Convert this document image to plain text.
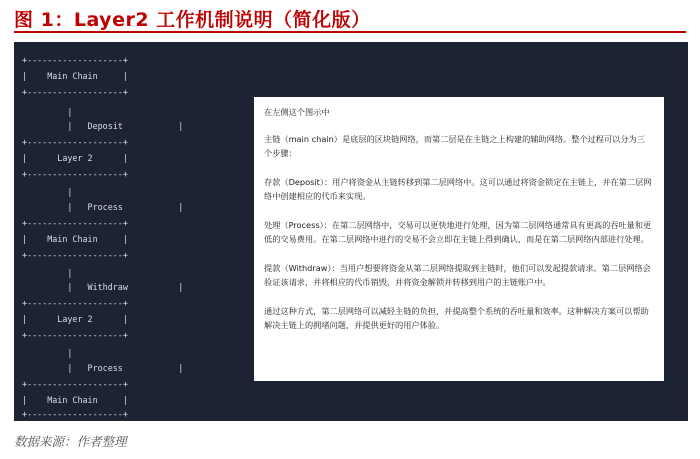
图 1：Layer2 工作机制说明（简化版）
+-------------------+
|    Main Chain     |
+-------------------+
|
|   Deposit           |
+-------------------+
|      Layer 2      |
+-------------------+
|
|   Process           |
+-------------------+
|    Main Chain     |
+-------------------+
|
|   Withdraw          |
+-------------------+
|      Layer 2      |
+-------------------+
|
|   Process           |
+-------------------+
|    Main Chain     |
+-------------------+

在左侧这个图示中

主链（main chain）是底层的区块链网络，而第二层是在主链之上构建的辅助网络。整个过程可以分为三个步骤：

存款（Deposit）：用户将资金从主链转移到第二层网络中。这可以通过将资金锁定在主链上，并在第二层网络中创建相应的代币来实现。

处理（Process）：在第二层网络中，交易可以更快地进行处理，因为第二层网络通常具有更高的吞吐量和更低的交易费用。在第二层网络中进行的交易不会立即在主链上得到确认，而是在第二层网络内部进行处理。

提款（Withdraw）：当用户想要将资金从第二层网络提取到主链时，他们可以发起提款请求。第二层网络会验证该请求，并将相应的代币销毁，并将资金解锁并转移到用户的主链账户中。

通过这种方式，第二层网络可以减轻主链的负担，并提高整个系统的吞吐量和效率。这种解决方案可以帮助解决主链上的拥堵问题，并提供更好的用户体验。

数据来源：作者整理
